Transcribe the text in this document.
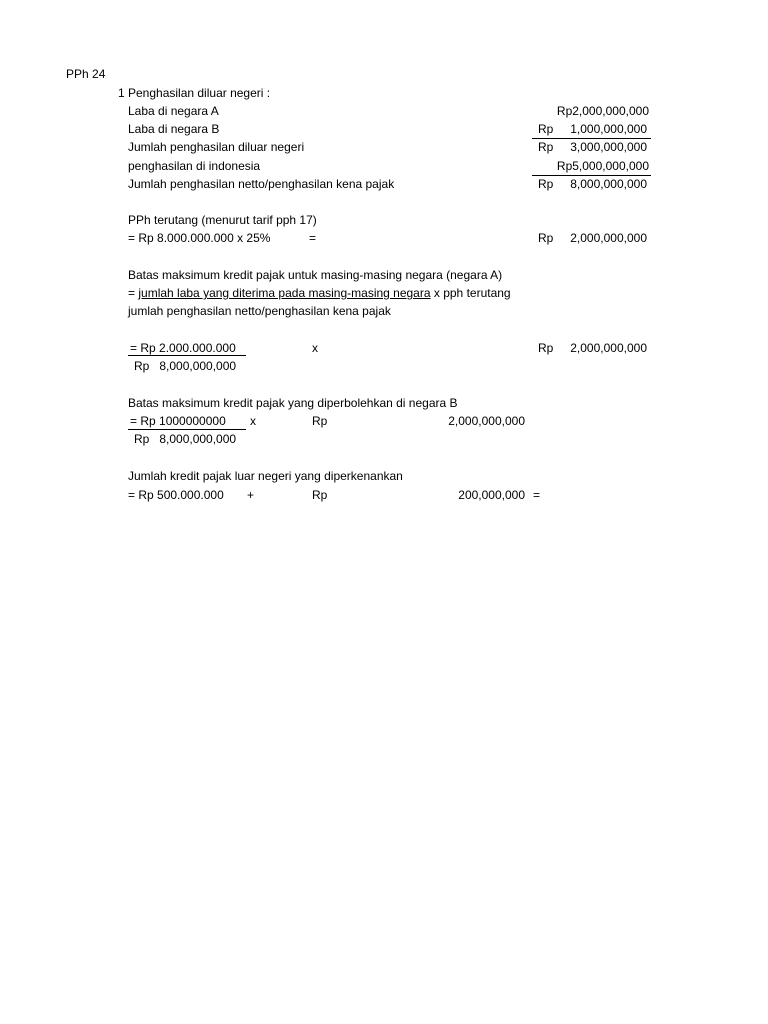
PPh 24
1 Penghasilan diluar negeri :
Laba di negara A	Rp2,000,000,000
Laba di negara B	Rp 1,000,000,000
Jumlah penghasilan diluar negeri	Rp 3,000,000,000
penghasilan di indonesia	Rp5,000,000,000
Jumlah penghasilan netto/penghasilan kena pajak	Rp 8,000,000,000
PPh terutang (menurut tarif pph 17)
= Rp 8.000.000.000 x 25%	=	Rp 2,000,000,000
Batas maksimum kredit pajak untuk masing-masing negara (negara A)
= jumlah laba yang diterima pada masing-masing negara x pph terutang
jumlah penghasilan netto/penghasilan kena pajak
= Rp 2.000.000.000	x	Rp 2,000,000,000
Rp   8,000,000,000
Batas maksimum kredit pajak yang diperbolehkan di negara B
= Rp 1000000000 x	Rp	2,000,000,000
Rp   8,000,000,000
Jumlah kredit pajak luar negeri yang diperkenankan
= Rp 500.000.000 +	Rp	200,000,000 =
